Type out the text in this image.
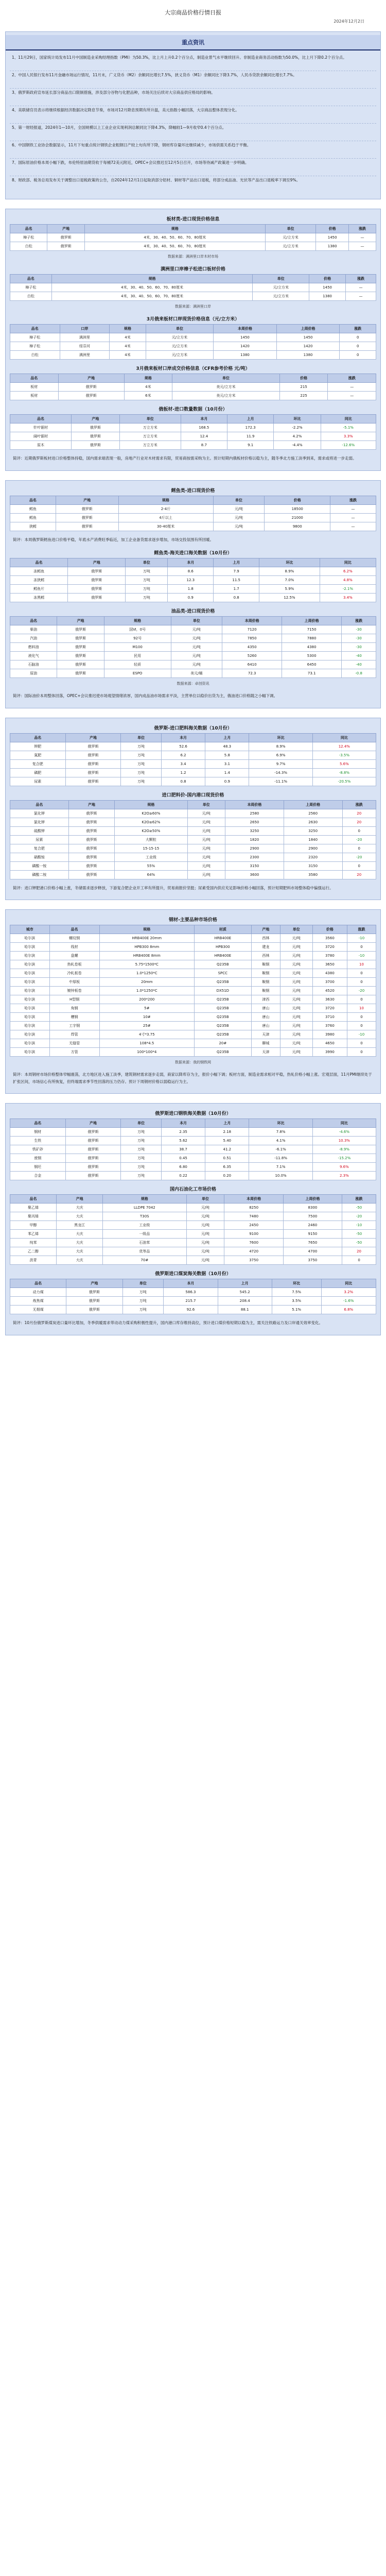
大宗商品价格行情日报
2024年12月2日
重点资讯
1、11月29日，国家统计局发布11月中国制造业采购经理指数（PMI）为50.3%，比上月上升0.2个百分点，制造业景气水平继续回升。非制造业商务活动指数为50.0%，比上月下降0.2个百分点。
2、中国人民银行发布11月金融市场运行情况，11月末，广义货币（M2）余额同比增长7.5%，狭义货币（M1）余额同比下降3.7%，人民币贷款余额同比增长7.7%。
3、俄罗斯政府宣布延长部分商品出口限制措施，涉及部分谷物与化肥品种，市场关注后续对大宗商品供应格局的影响。
4、美联储官员表示将继续根据经济数据决定降息节奏，市场对12月降息预期有所升温，美元指数小幅回落，大宗商品整体表现分化。
5、第一财经报道，2024年1—10月，全国规模以上工业企业实现利润总额同比下降4.3%，降幅较1—9月收窄0.4个百分点。
6、中国钢铁工业协会数据显示，11月下旬重点统计钢铁企业粗钢日产较上旬有所下降，钢材库存量环比继续减少，市场供需关系趋于平衡。
7、国际原油价格本周小幅下跌，布伦特原油期货收于每桶72美元附近，OPEC+会议推迟至12月5日召开，市场等待减产政策进一步明确。
8、财政部、税务总局发布关于调整出口退税政策的公告，自2024年12月1日起取消部分铝材、铜材等产品出口退税，将部分成品油、光伏等产品出口退税率下调至9%。
板材类-进口现货价格信息
品名	产地	规格	单位	价格	涨跌
樟子松	俄罗斯	4米，30、40、50、60、70、80厘米	元/立方米	1450	—
白松	俄罗斯	4米，30、40、50、60、70、80厘米	元/立方米	1380	—
数据来源：满洲里口岸木材市场
满洲里口岸樟子松进口板材价格
品名	规格	单位	价格	涨跌
樟子松	4米，30、40、50、60、70、80厘米	元/立方米	1450	—
白松	4米，30、40、50、60、70、80厘米	元/立方米	1380	—
数据来源：满洲里口岸
3月俄来板材口岸现货价格信息（元/立方米）
品名	口岸	规格	单位	本周价格	上周价格	涨跌
樟子松	满洲里	4米	元/立方米	1450	1450	0
樟子松	绥芬河	4米	元/立方米	1420	1420	0
白松	满洲里	4米	元/立方米	1380	1380	0
3月俄来板材口岸成交价格信息（CFR参考价格 元/吨）
品名	产地	规格	单位	价格	涨跌
板材	俄罗斯	4米	美元/立方米	215	—
板材	俄罗斯	6米	美元/立方米	225	—
俄板材-进口数量数据（10月份）
品名	产地	单位	本月	上月	环比	同比
针叶锯材	俄罗斯	万立方米	168.5	172.3	-2.2%	-5.1%
阔叶锯材	俄罗斯	万立方米	12.4	11.9	4.2%	3.3%
原木	俄罗斯	万立方米	8.7	9.1	-4.4%	-12.6%
简评：近期俄罗斯板材进口价格整体持稳，国内需求端表现一般，房地产行业对木材需求有限，贸易商按需采购为主。预计短期内俄板材价格以稳为主，随冬季北方施工淡季到来，需求或将进一步走弱。
鳕鱼类-进口现货价格
品名	产地	规格	单位	价格	涨跌
鳕鱼	俄罗斯	2-4斤	元/吨	18500	—
鳕鱼	俄罗斯	4斤以上	元/吨	21000	—
狭鳕	俄罗斯	30-40厘米	元/吨	9800	—
简评：本周俄罗斯鳕鱼进口价格平稳，年底水产消费旺季临近，加工企业备货需求逐步增加，市场交投氛围有所回暖。
鳕鱼类-海关进口海关数据（10月份）
品名	产地	单位	本月	上月	环比	同比
冻鳕鱼	俄罗斯	万吨	8.6	7.9	8.9%	6.2%
冻狭鳕	俄罗斯	万吨	12.3	11.5	7.0%	4.8%
鳕鱼片	俄罗斯	万吨	1.8	1.7	5.9%	-2.1%
冻黑鳕	俄罗斯	万吨	0.9	0.8	12.5%	3.4%
油品类-进口现货价格
品名	产地	规格	单位	本周价格	上周价格	涨跌
柴油	俄罗斯	国Ⅵ，0号	元/吨	7120	7150	-30
汽油	俄罗斯	92号	元/吨	7850	7880	-30
燃料油	俄罗斯	M100	元/吨	4350	4380	-30
液化气	俄罗斯	民用	元/吨	5260	5300	-40
石脑油	俄罗斯	轻质	元/吨	6410	6450	-40
原油	俄罗斯	ESPO	美元/桶	72.3	73.1	-0.8
数据来源：卓创资讯
简评：国际油价本周整体回落，OPEC+会议推迟使市场观望情绪浓厚，国内成品油市场需求平淡，主营单位以稳价出货为主，俄油进口价格随之小幅下调。
俄罗斯-进口肥料海关数据（10月份）
品名	产地	单位	本月	上月	环比	同比
钾肥	俄罗斯	万吨	52.6	48.3	8.9%	12.4%
氮肥	俄罗斯	万吨	6.2	5.8	6.9%	-3.5%
复合肥	俄罗斯	万吨	3.4	3.1	9.7%	5.6%
磷肥	俄罗斯	万吨	1.2	1.4	-14.3%	-8.8%
尿素	俄罗斯	万吨	0.8	0.9	-11.1%	-20.5%
进口肥料价-国内港口现货价格
品名	产地	规格	单位	本周价格	上周价格	涨跌
氯化钾	俄罗斯	K2O≥60%	元/吨	2580	2560	20
氯化钾	俄罗斯	K2O≥62%	元/吨	2650	2630	20
硫酸钾	俄罗斯	K2O≥50%	元/吨	3250	3250	0
尿素	俄罗斯	大颗粒	元/吨	1820	1840	-20
复合肥	俄罗斯	15-15-15	元/吨	2900	2900	0
硝酸铵	俄罗斯	工业级	元/吨	2300	2320	-20
磷酸一铵	俄罗斯	55%	元/吨	3150	3150	0
磷酸二铵	俄罗斯	64%	元/吨	3600	3580	20
简评：进口钾肥港口价格小幅上涨，冬储需求逐步释放，下游复合肥企业开工率有所提升，贸易商报价坚挺；尿素受国内供应充足影响价格小幅回落，预计短期肥料市场整体稳中偏强运行。
钢材-主要品种市场价格
城市	品名	规格	材质	产地	单位	价格	涨跌
哈尔滨	螺纹钢	HRB400E 20mm	HRB400E	西林	元/吨	3560	-10
哈尔滨	线材	HPB300 8mm	HPB300	建龙	元/吨	3720	0
哈尔滨	盘螺	HRB400E 8mm	HRB400E	西林	元/吨	3780	-10
哈尔滨	热轧卷板	5.75*1500*C	Q235B	鞍钢	元/吨	3650	10
哈尔滨	冷轧板卷	1.0*1250*C	SPCC	鞍钢	元/吨	4380	0
哈尔滨	中厚板	20mm	Q235B	鞍钢	元/吨	3700	0
哈尔滨	镀锌板卷	1.0*1250*C	DX51D	鞍钢	元/吨	4520	-20
哈尔滨	H型钢	200*200	Q235B	津西	元/吨	3630	0
哈尔滨	角钢	5#	Q235B	唐山	元/吨	3720	10
哈尔滨	槽钢	10#	Q235B	唐山	元/吨	3710	0
哈尔滨	工字钢	25#	Q235B	唐山	元/吨	3760	0
哈尔滨	焊管	4寸*3.75	Q235B	天津	元/吨	3980	-10
哈尔滨	无缝管	108*4.5	20#	聊城	元/吨	4650	0
哈尔滨	方管	100*100*4	Q235B	天津	元/吨	3990	0
数据来源：我的钢铁网
简评：本周钢材市场价格整体窄幅震荡，北方地区进入施工淡季，建筑钢材需求逐步走弱，商家以降库存为主，报价小幅下调；板材方面，制造业需求相对平稳，热轧价格小幅上涨。宏观层面，11月PMI继续处于扩张区间，市场信心有所恢复，但终端需求季节性回落的压力仍存。预计下周钢材价格以弱稳运行为主。
俄罗斯进口钢铁海关数据（10月份）
品名	产地	单位	本月	上月	环比	同比
钢材	俄罗斯	万吨	2.35	2.18	7.8%	-4.6%
生铁	俄罗斯	万吨	5.62	5.40	4.1%	10.3%
铁矿砂	俄罗斯	万吨	38.7	41.2	-6.1%	-8.9%
废钢	俄罗斯	万吨	0.45	0.51	-11.8%	-15.2%
钢坯	俄罗斯	万吨	6.80	6.35	7.1%	9.6%
合金	俄罗斯	万吨	0.22	0.20	10.0%	2.3%
国内石油化工市场价格
品名	产地	规格	单位	本周价格	上周价格	涨跌
聚乙烯	大庆	LLDPE 7042	元/吨	8250	8300	-50
聚丙烯	大庆	T30S	元/吨	7480	7500	-20
甲醇	黑龙江	工业级	元/吨	2450	2460	-10
苯乙烯	大庆	一级品	元/吨	9100	9150	-50
纯苯	大庆	石油苯	元/吨	7600	7650	-50
乙二醇	大庆	优等品	元/吨	4720	4700	20
沥青	大庆	70#	元/吨	3750	3750	0
俄罗斯进口煤炭海关数据（10月份）
品名	产地	单位	本月	上月	环比	同比
动力煤	俄罗斯	万吨	586.3	545.2	7.5%	3.2%
炼焦煤	俄罗斯	万吨	215.7	208.4	3.5%	-1.6%
无烟煤	俄罗斯	万吨	92.6	88.1	5.1%	6.8%
简评：10月份俄罗斯煤炭进口量环比增加，冬季供暖需求带动动力煤采购积极性提升，国内港口库存维持高位，预计进口煤价格短期以稳为主，需关注铁路运力及口岸通关效率变化。
